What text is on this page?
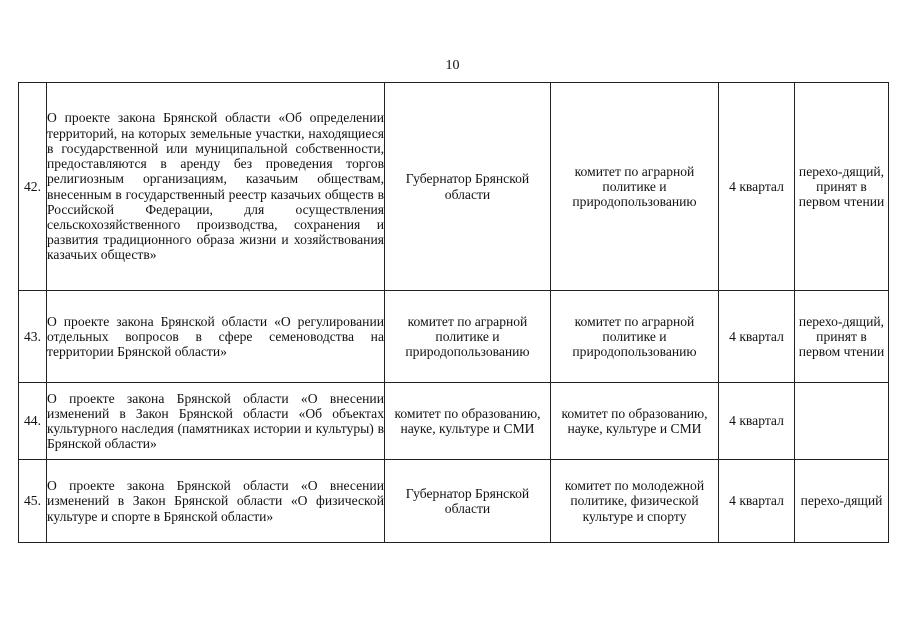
10
42.	О проекте закона Брянской области «Об определении территорий, на которых земельные участки, находящиеся в государственной или муниципальной собственности, предоставляются в аренду без проведения торгов религиозным организациям, казачьим обществам, внесенным в государственный реестр казачьих обществ в Российской Федерации, для осуществления сельскохозяйственного производства, сохранения и развития традиционного образа жизни и хозяйствования казачьих обществ»	Губернатор Брянской области	комитет по аграрной политике и природопользованию	4 квартал	перехо-дящий, принят в первом чтении
43.	О проекте закона Брянской области «О регулировании отдельных вопросов в сфере семеноводства на территории Брянской области»	комитет по аграрной политике и природопользованию	комитет по аграрной политике и природопользованию	4 квартал	перехо-дящий, принят в первом чтении
44.	О проекте закона Брянской области «О внесении изменений в Закон Брянской области «Об объектах культурного наследия (памятниках истории и культуры) в Брянской области»	комитет по образованию, науке, культуре и СМИ	комитет по образованию, науке, культуре и СМИ	4 квартал	
45.	О проекте закона Брянской области «О внесении изменений в Закон Брянской области «О физической культуре и спорте в Брянской области»	Губернатор Брянской области	комитет по молодежной политике, физической культуре и спорту	4 квартал	перехо-дящий
